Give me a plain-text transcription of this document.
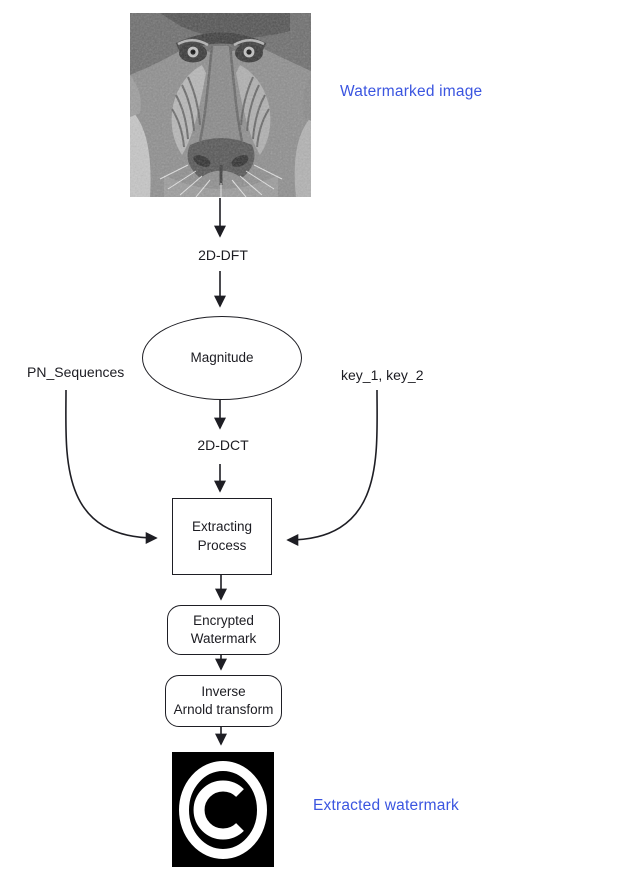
Watermarked image
Extracted watermark
2D-DFT
2D-DCT
PN_Sequences	key_1, key_2
Magnitude
Extracting
Process
Encrypted
Watermark
Inverse
Arnold transform
